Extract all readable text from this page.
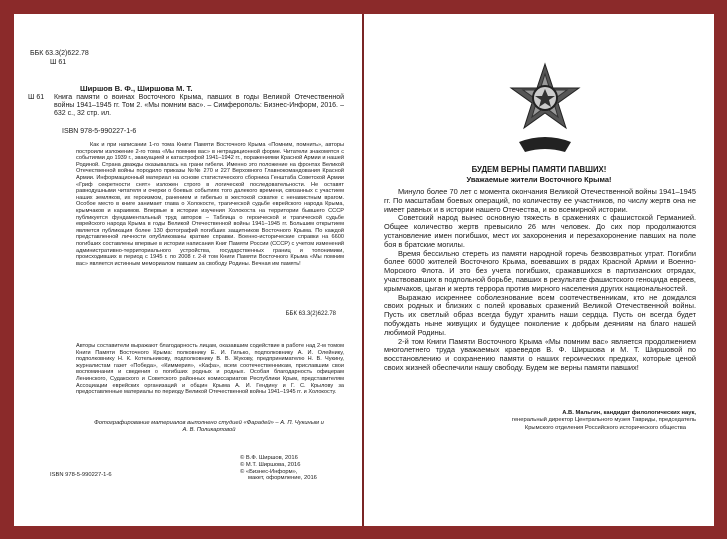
ББК 63.3(2)622.78
Ш 61
Ширшов В. Ф., Ширшова М. Т.
Ш 61 Книга памяти о воинах Восточного Крыма, павших в годы Великой Отечественной войны 1941–1945 гг. Том 2. «Мы помним вас». – Симферополь: Бизнес-Информ, 2016. – 632 с., 32 стр. ил.
ISBN 978-5-990227-1-6

Как и при написании 1-го тома Книги Памяти Восточного Крыма «Помним, помнить», авторы построили изложение 2-го тома «Мы помним вас» в нетрадиционной форме. Читатели знакомятся с событиями до 1939 г., эвакуацией и катастрофой 1941–1942 гг., поражениями Красной Армии и нашей Родиной. Страна дважды оказывалась на грани гибели. Именно это положение на фронтах Великой Отечественной войны породило приказы №№ 270 и 227 Верховного Главнокомандования Красной Армии. Информационный материал на основе статистического сборника Генштаба Советской Армии «Гриф секретности снят» изложен строго в логической последовательности. Не оставят равнодушными читателя и очерки о боевых событиях того далекого времени, связанных с участием наших земляков, их героизмом, ранением и гибелью в жестокой схватке с ненавистным врагом. Особое место в книге занимает глава о Холокосте, трагической судьбе еврейского народа Крыма, крымчаков и караимов. Впервые в истории изучения Холокоста на территории бывшего СССР публикуется фундаментальный труд авторов – Таблица о героической и трагической судьбе еврейского народа Крыма в годы Великой Отечественной войны 1941–1945 гг. Большим открытием является публикация более 130 фотографий погибших защитников Восточного Крыма. По каждой представленной личности опубликованы краткие справки. Военно-исторические справки на 6600 погибших составлены впервые в истории написания Книг Памяти России (СССР) с учетом изменений административно-территориального устройства, государственных границ и топонимики, происходивших в период с 1945 г. по 2008 г. 2-й том Книги Памяти Восточного Крыма «Мы помним вас» является истинным мемориалом павшим за свободу Родины. Вечная им память!

ББК 63.3(2)622.78
Авторы составители выражают благодарность лицам, оказавшим содействие в работе над 2-м томом Книги Памяти Восточного Крыма: полковнику Е. И. Гилько, подполковнику А. И. Олейнику, подполковнику Н. К. Котельникову, подполковнику В. В. Жукову, предпринимателю Н. В. Чукину, журналистам газет «Победа», «Киммерия», «Кафа», всем соотечественникам, приславшим свои воспоминания и сведения о погибших родных и родных. Особая благодарность офицерам Ленинского, Судакского и Советского районных комиссариатов Республики Крым, представителям Ассоциации еврейских организаций и общин Крыма А. И. Гендину и Г. С. Крылову за предоставленные материалы по периоду Великой Отечественной войны 1941–1945 гг. и Холокосту.
Фотографирование материалов выполнено студией «Фарадей» – А. П. Чукиным и А. В. Поликарповой
ISBN 978-5-990227-1-6
© В.Ф. Ширшов, 2016
© М.Т. Ширшова, 2016
© «Бизнес-Информ»,
макет, оформление, 2016
БУДЕМ ВЕРНЫ ПАМЯТИ ПАВШИХ!
Уважаемые жители Восточного Крыма!

Минуло более 70 лет с момента окончания Великой Отечественной войны 1941–1945 гг. По масштабам боевых операций, по количеству ее участников, по числу жертв она не имеет равных и в истории нашего Отечества, и во всемирной истории.

Советский народ вынес основную тяжесть в сражениях с фашистской Германией. Общее количество жертв превысило 26 млн человек. До сих пор продолжаются установление имен погибших, мест их захоронения и перезахоронение павших на поле боя в братские могилы.

Время бессильно стереть из памяти народной горечь безвозвратных утрат. Погибли более 6000 жителей Восточного Крыма, воевавших в рядах Красной Армии и Военно-Морского Флота. И это без учета погибших, сражавшихся в партизанских отрядах, участвовавших в подпольной борьбе, павших в результате фашистского геноцида евреев, крымчаков, цыган и жертв террора против мирного населения других национальностей.

Выражаю искреннее соболезнование всем соотечественникам, кто не дождался своих родных и близких с полей кровавых сражений Великой Отечественной войны. Пусть их светлый образ всегда будут хранить наши сердца. Пусть он всегда будет побуждать ныне живущих и будущее поколение к добрым деяниям на благо нашей любимой Родины.

2-й том Книги Памяти Восточного Крыма «Мы помним вас» является продолжением многолетнего труда уважаемых краеведов В. Ф. Ширшова и М. Т. Ширшовой по восстановлению и сохранению памяти о наших героических предках, которые ценой своих жизней обеспечили нашу свободу. Будем же верны памяти павших!

А.В. Мальгин, кандидат филологических наук,
генеральный директор Центрального музея Тавриды, председатель
Крымского отделения Российского исторического общества
